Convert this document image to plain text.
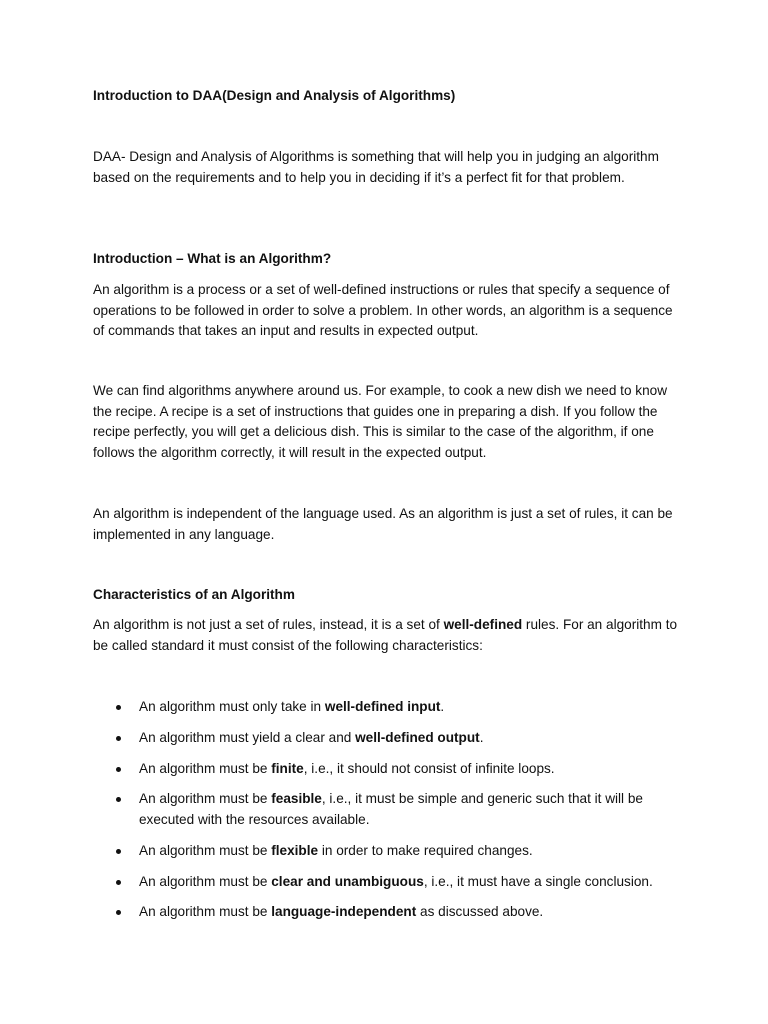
Introduction to DAA(Design and Analysis of Algorithms)

DAA- Design and Analysis of Algorithms is something that will help you in judging an algorithm based on the requirements and to help you in deciding if it’s a perfect fit for that problem.

Introduction – What is an Algorithm?

An algorithm is a process or a set of well-defined instructions or rules that specify a sequence of operations to be followed in order to solve a problem. In other words, an algorithm is a sequence of commands that takes an input and results in expected output.

We can find algorithms anywhere around us. For example, to cook a new dish we need to know the recipe. A recipe is a set of instructions that guides one in preparing a dish. If you follow the recipe perfectly, you will get a delicious dish. This is similar to the case of the algorithm, if one follows the algorithm correctly, it will result in the expected output.

An algorithm is independent of the language used. As an algorithm is just a set of rules, it can be implemented in any language.

Characteristics of an Algorithm

An algorithm is not just a set of rules, instead, it is a set of well-defined rules. For an algorithm to be called standard it must consist of the following characteristics:

An algorithm must only take in well-defined input.
An algorithm must yield a clear and well-defined output.
An algorithm must be finite, i.e., it should not consist of infinite loops.
An algorithm must be feasible, i.e., it must be simple and generic such that it will be executed with the resources available.
An algorithm must be flexible in order to make required changes.
An algorithm must be clear and unambiguous, i.e., it must have a single conclusion.
An algorithm must be language-independent as discussed above.
